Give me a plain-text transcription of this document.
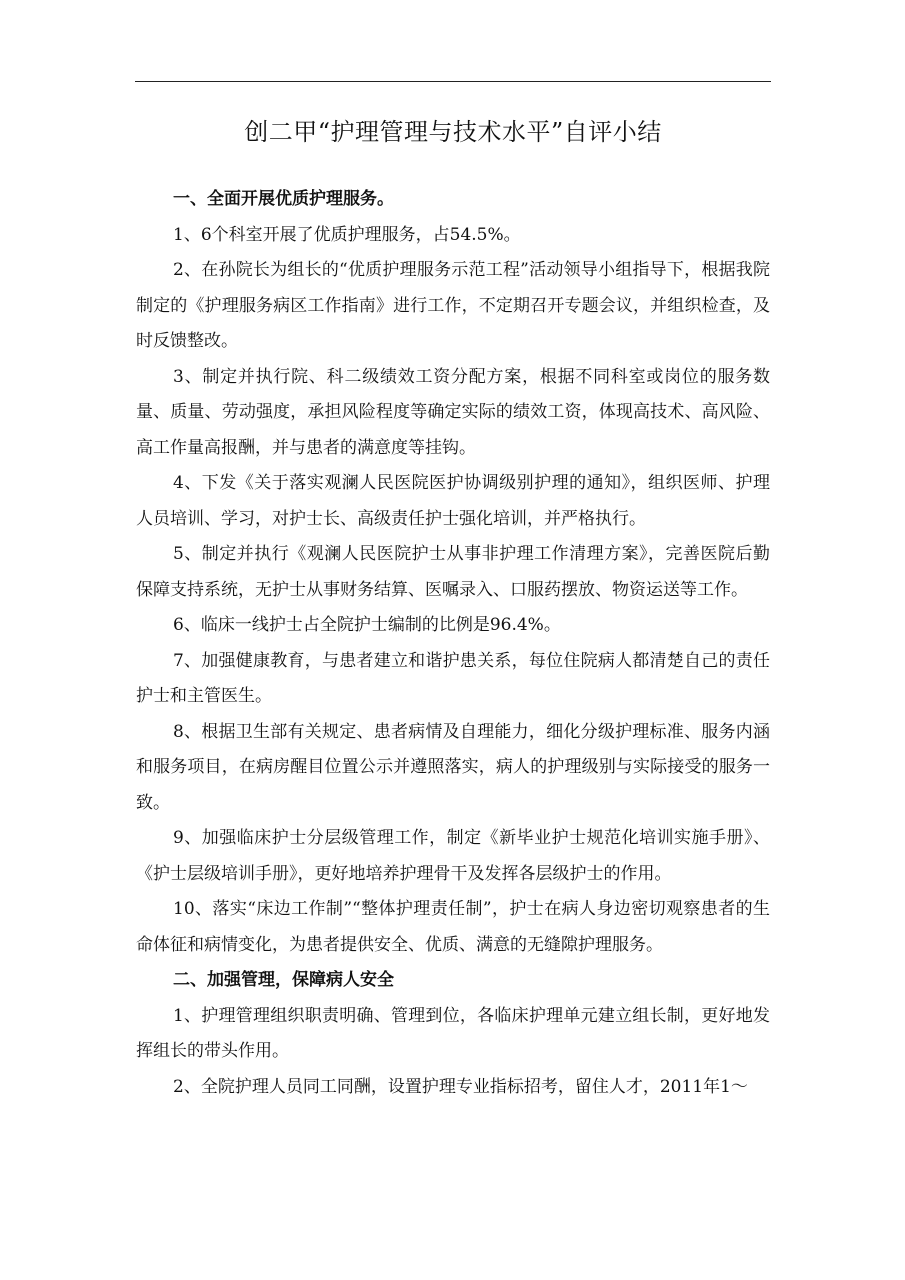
创二甲“护理管理与技术水平”自评小结

一、全面开展优质护理服务。

1、6个科室开展了优质护理服务，占54.5%。

2、在孙院长为组长的“优质护理服务示范工程”活动领导小组指导下，根据我院制定的《护理服务病区工作指南》进行工作，不定期召开专题会议，并组织检查，及时反馈整改。

3、制定并执行院、科二级绩效工资分配方案，根据不同科室或岗位的服务数量、质量、劳动强度，承担风险程度等确定实际的绩效工资，体现高技术、高风险、高工作量高报酬，并与患者的满意度等挂钩。

4、下发《关于落实观澜人民医院医护协调级别护理的通知》，组织医师、护理人员培训、学习，对护士长、高级责任护士强化培训，并严格执行。

5、制定并执行《观澜人民医院护士从事非护理工作清理方案》，完善医院后勤保障支持系统，无护士从事财务结算、医嘱录入、口服药摆放、物资运送等工作。

6、临床一线护士占全院护士编制的比例是96.4%。

7、加强健康教育，与患者建立和谐护患关系，每位住院病人都清楚自己的责任护士和主管医生。

8、根据卫生部有关规定、患者病情及自理能力，细化分级护理标准、服务内涵和服务项目，在病房醒目位置公示并遵照落实，病人的护理级别与实际接受的服务一致。

9、加强临床护士分层级管理工作，制定《新毕业护士规范化培训实施手册》、《护士层级培训手册》，更好地培养护理骨干及发挥各层级护士的作用。

10、落实“床边工作制”“整体护理责任制”，护士在病人身边密切观察患者的生命体征和病情变化，为患者提供安全、优质、满意的无缝隙护理服务。

二、加强管理，保障病人安全

1、护理管理组织职责明确、管理到位，各临床护理单元建立组长制，更好地发挥组长的带头作用。

2、全院护理人员同工同酬，设置护理专业指标招考，留住人才，2011年1～
